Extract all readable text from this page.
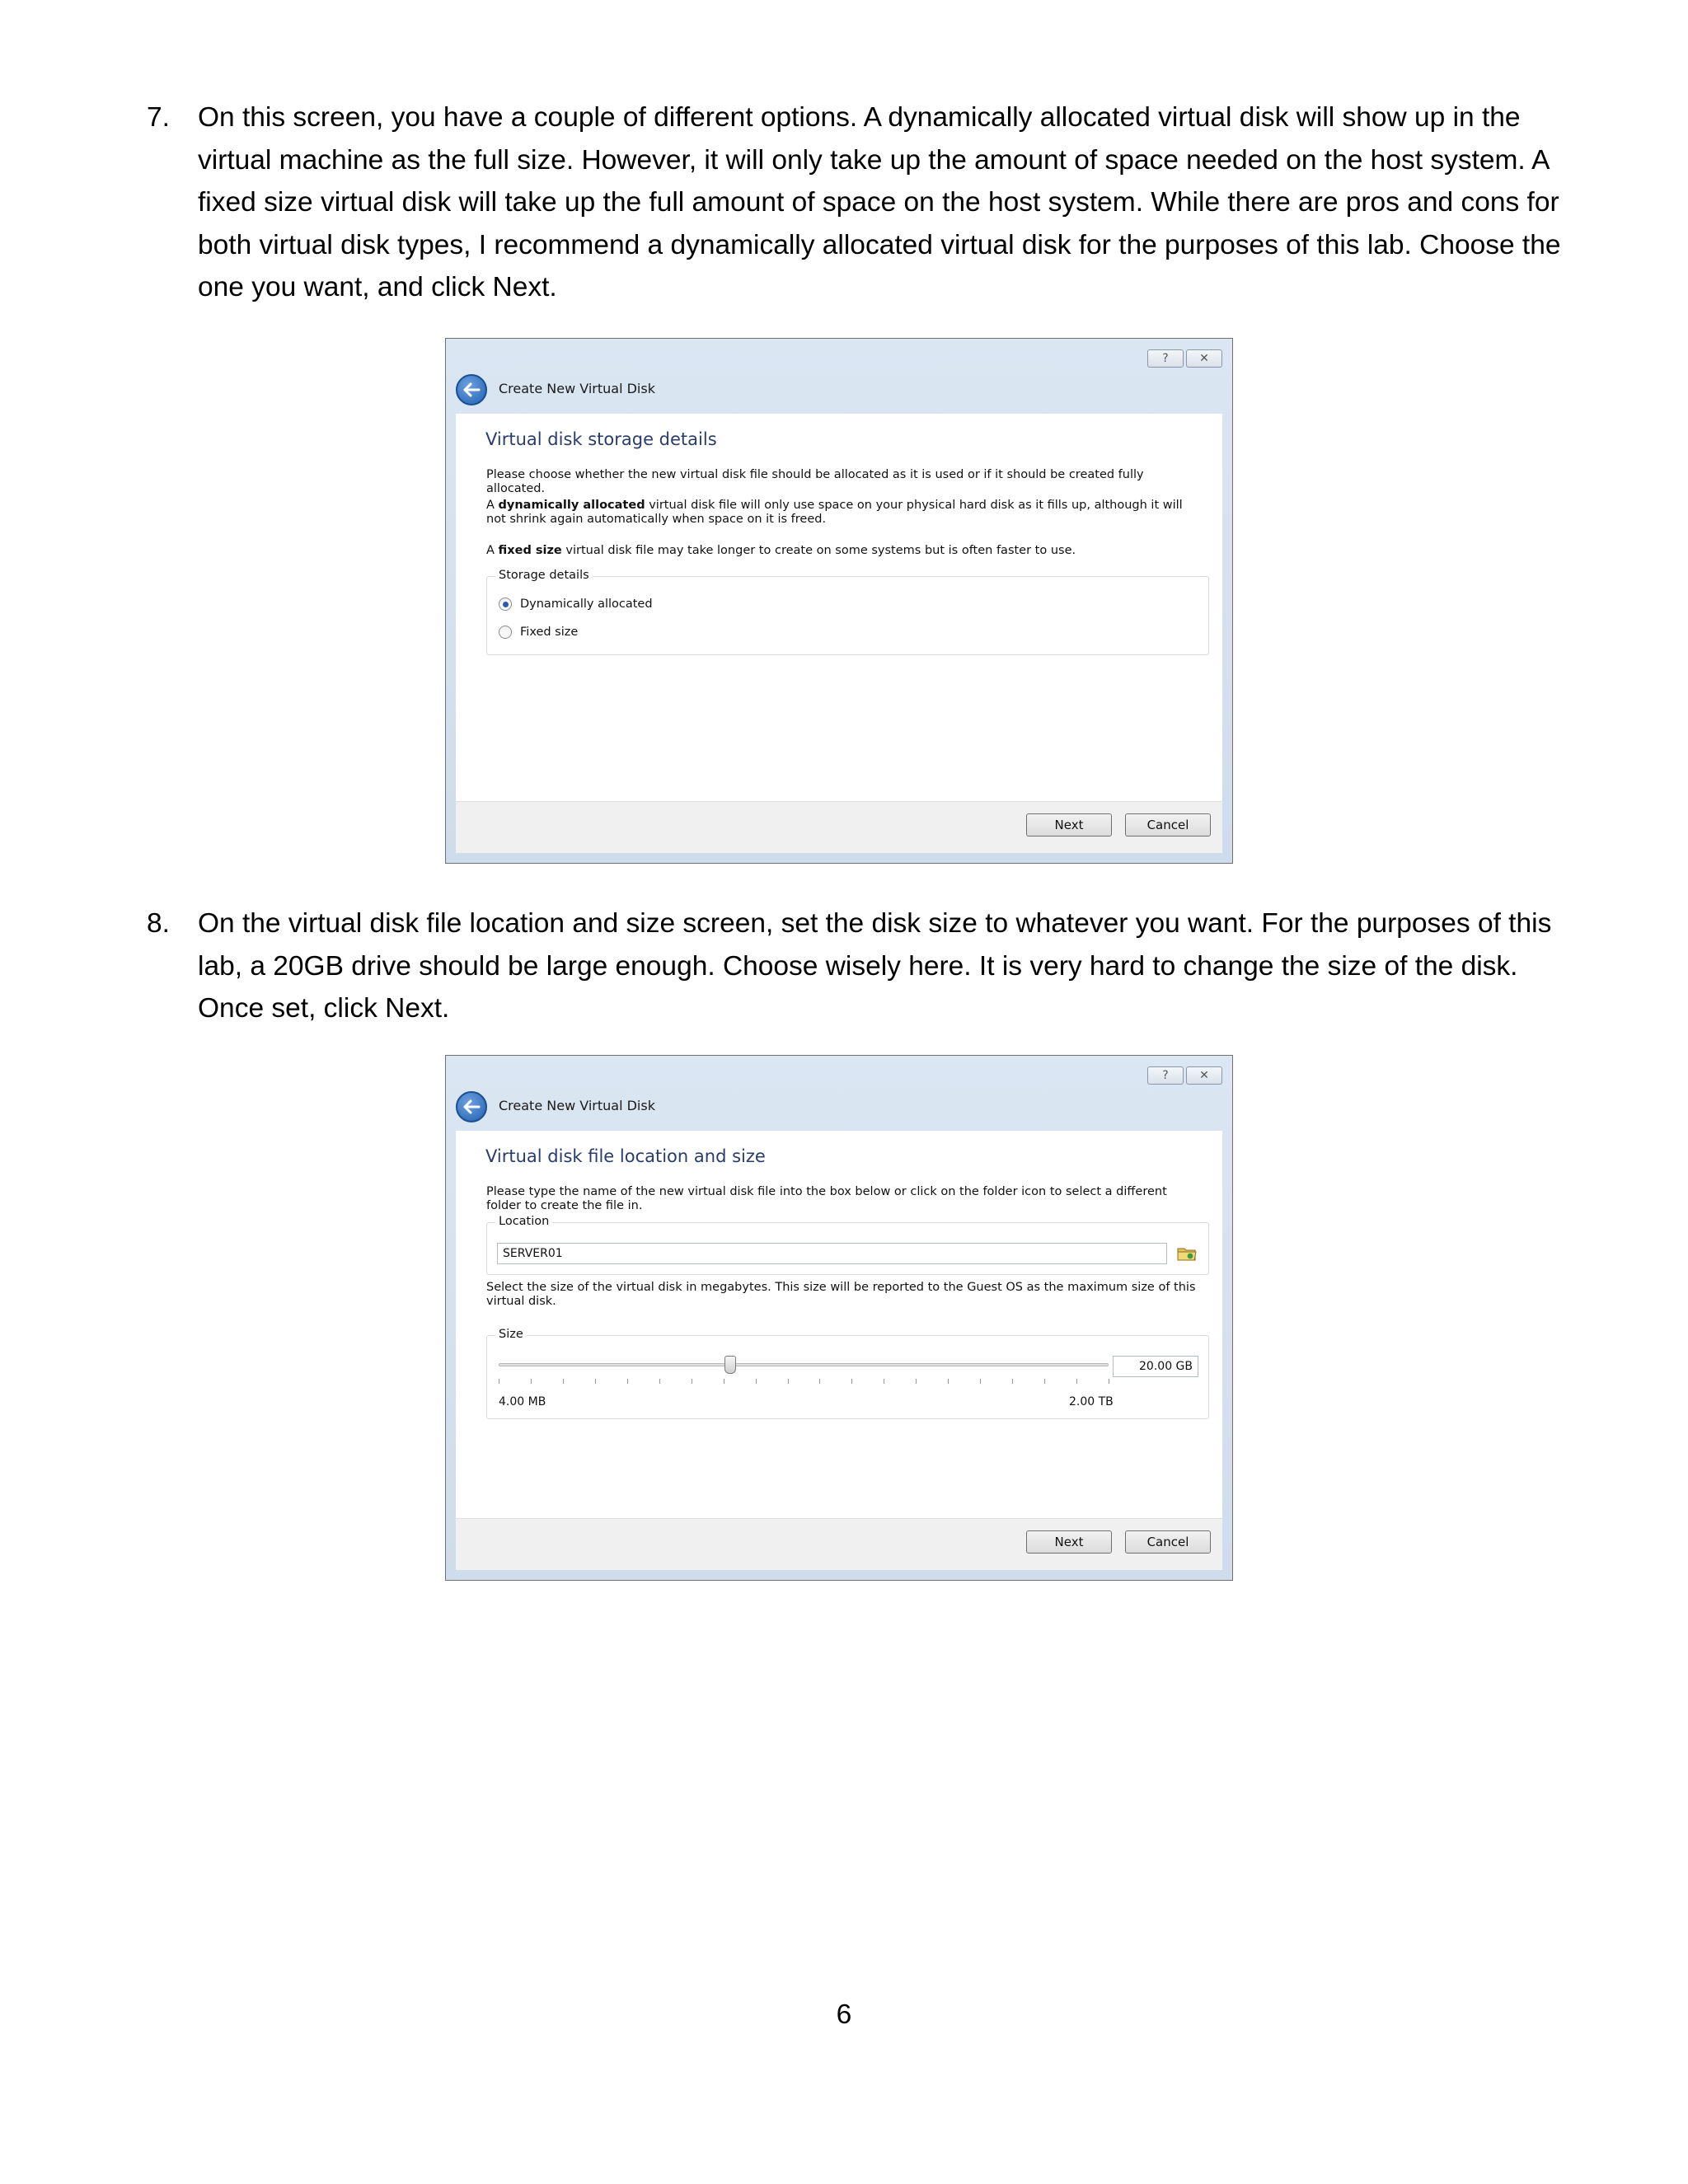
7. On this screen, you have a couple of different options. A dynamically allocated virtual disk will show up in the virtual machine as the full size. However, it will only take up the amount of space needed on the host system. A fixed size virtual disk will take up the full amount of space on the host system. While there are pros and cons for both virtual disk types, I recommend a dynamically allocated virtual disk for the purposes of this lab. Choose the one you want, and click Next.
?	✕
Create New Virtual Disk
Virtual disk storage details
Please choose whether the new virtual disk file should be allocated as it is used or if it should be created fully allocated.
A dynamically allocated virtual disk file will only use space on your physical hard disk as it fills up, although it will not shrink again automatically when space on it is freed.
A fixed size virtual disk file may take longer to create on some systems but is often faster to use.
Storage details
Dynamically allocated
Fixed size
Next	Cancel
8. On the virtual disk file location and size screen, set the disk size to whatever you want. For the purposes of this lab, a 20GB drive should be large enough. Choose wisely here. It is very hard to change the size of the disk. Once set, click Next.
?	✕
Create New Virtual Disk
Virtual disk file location and size
Please type the name of the new virtual disk file into the box below or click on the folder icon to select a different folder to create the file in.
Location
SERVER01
Select the size of the virtual disk in megabytes. This size will be reported to the Guest OS as the maximum size of this virtual disk.
Size
20.00 GB
4.00 MB	2.00 TB
Next	Cancel
6
